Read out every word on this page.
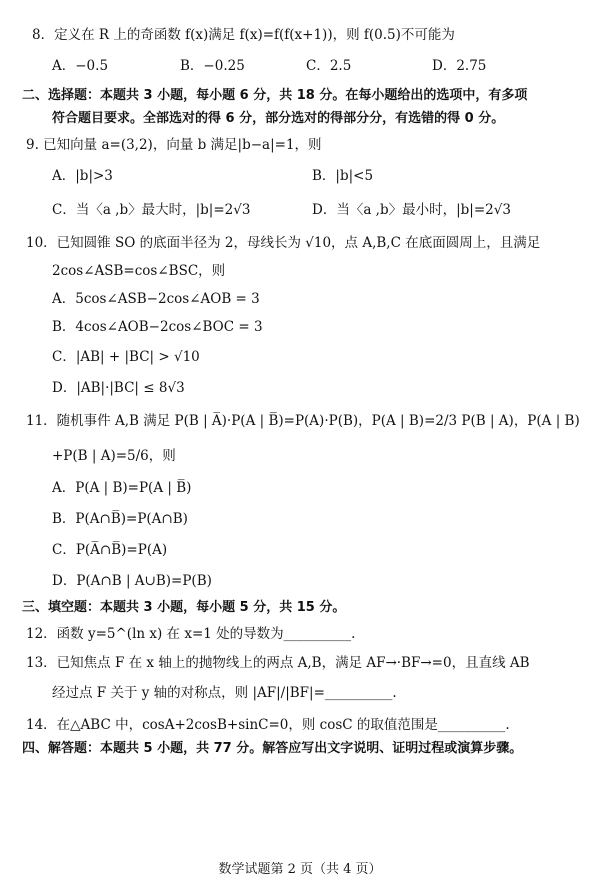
8．定义在 R 上的奇函数 f(x)满足 f(x)=f(f(x+1))，则 f(0.5)不可能为
A．−0.5	B．−0.25	C．2.5	D．2.75
二、选择题：本题共 3 小题，每小题 6 分，共 18 分。在每小题给出的选项中，有多项
符合题目要求。全部选对的得 6 分，部分选对的得部分分，有选错的得 0 分。
9. 已知向量 a=(3,2)，向量 b 满足|b−a|=1，则
A．|b|>3	B．|b|<5
C．当〈a ,b〉最大时，|b|=2√3	D．当〈a ,b〉最小时，|b|=2√3
10．已知圆锥 SO 的底面半径为 2，母线长为 √10，点 A,B,C 在底面圆周上，且满足
2cos∠ASB=cos∠BSC，则
A．5cos∠ASB−2cos∠AOB = 3
B．4cos∠AOB−2cos∠BOC = 3
C．|AB| + |BC| > √10
D．|AB|·|BC| ≤ 8√3
11．随机事件 A,B 满足 P(B | A̅)·P(A | B̅)=P(A)·P(B)，P(A | B)=2/3 P(B | A)，P(A | B)
+P(B | A)=5/6，则
A．P(A | B)=P(A | B̅)
B．P(A∩B̅)=P(A∩B)
C．P(A̅∩B̅)=P(A)
D．P(A∩B | A∪B)=P(B)
三、填空题：本题共 3 小题，每小题 5 分，共 15 分。
12．函数 y=5^(ln x) 在 x=1 处的导数为__________.
13．已知焦点 F 在 x 轴上的抛物线上的两点 A,B，满足 AF→·BF→=0，且直线 AB
经过点 F 关于 y 轴的对称点，则 |AF|/|BF|=__________.
14．在△ABC 中，cosA+2cosB+sinC=0，则 cosC 的取值范围是__________.
四、解答题：本题共 5 小题，共 77 分。解答应写出文字说明、证明过程或演算步骤。
数学试题第 2 页（共 4 页）
